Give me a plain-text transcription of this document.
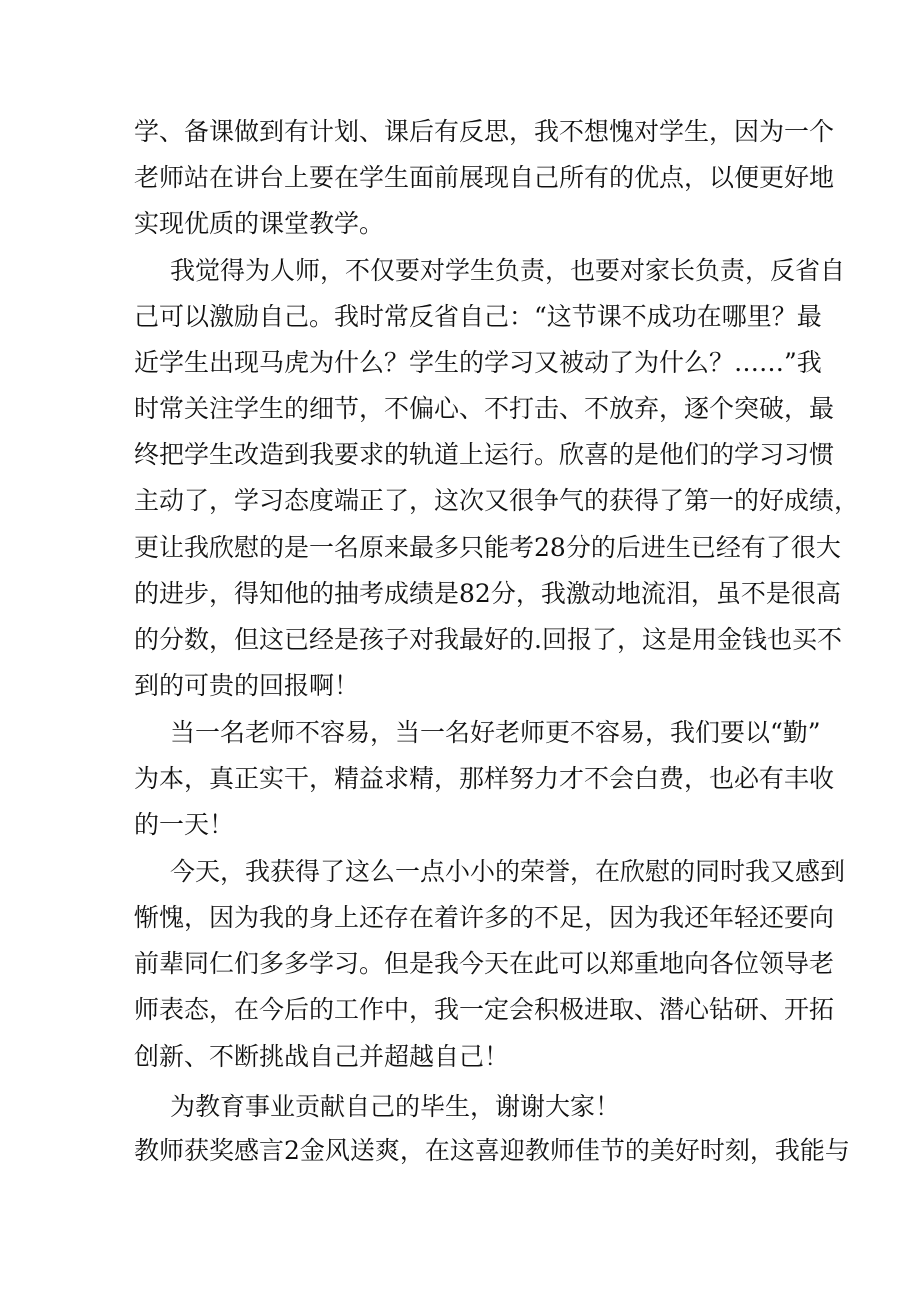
学、备课做到有计划、课后有反思，我不想愧对学生，因为一个
老师站在讲台上要在学生面前展现自己所有的优点，以便更好地
实现优质的课堂教学。
我觉得为人师，不仅要对学生负责，也要对家长负责，反省自
己可以激励自己。我时常反省自己：“这节课不成功在哪里？最
近学生出现马虎为什么？学生的学习又被动了为什么？……”我
时常关注学生的细节，不偏心、不打击、不放弃，逐个突破，最
终把学生改造到我要求的轨道上运行。欣喜的是他们的学习习惯
主动了，学习态度端正了，这次又很争气的获得了第一的好成绩，
更让我欣慰的是一名原来最多只能考28分的后进生已经有了很大
的进步，得知他的抽考成绩是82分，我激动地流泪，虽不是很高
的分数，但这已经是孩子对我最好的.回报了，这是用金钱也买不
到的可贵的回报啊！
当一名老师不容易，当一名好老师更不容易，我们要以“勤”
为本，真正实干，精益求精，那样努力才不会白费，也必有丰收
的一天！
今天，我获得了这么一点小小的荣誉，在欣慰的同时我又感到
惭愧，因为我的身上还存在着许多的不足，因为我还年轻还要向
前辈同仁们多多学习。但是我今天在此可以郑重地向各位领导老
师表态，在今后的工作中，我一定会积极进取、潜心钻研、开拓
创新、不断挑战自己并超越自己！
为教育事业贡献自己的毕生，谢谢大家！
教师获奖感言2金风送爽，在这喜迎教师佳节的美好时刻，我能与
